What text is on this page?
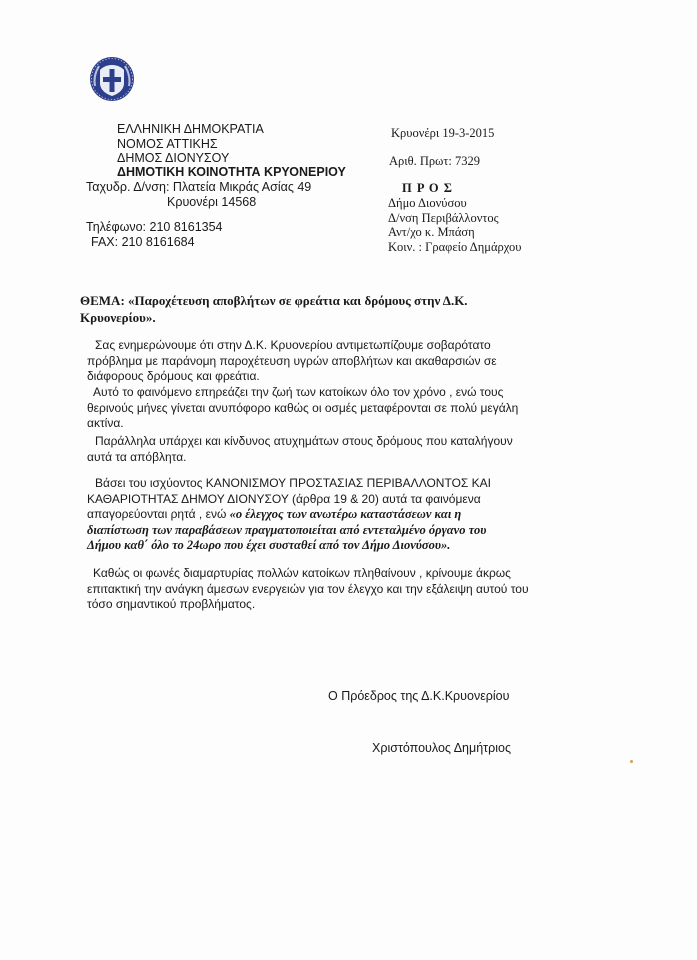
ΕΛΛΗΝΙΚΗ ΔΗΜΟΚΡΑΤΙΑ
ΝΟΜΟΣ ΑΤΤΙΚΗΣ
ΔΗΜΟΣ ΔΙΟΝΥΣΟΥ
ΔΗΜΟΤΙΚΗ ΚΟΙΝΟΤΗΤΑ ΚΡΥΟΝΕΡΙΟΥ
Ταχυδρ. Δ/νση: Πλατεία Μικράς Ασίας 49
Κρυονέρι 14568
Τηλέφωνο: 210 8161354
FAX: 210 8161684
Κρυονέρι 19-3-2015
Αριθ. Πρωτ: 7329
Π Ρ Ο Σ
Δήμο Διονύσου
Δ/νση Περιβάλλοντος
Αντ/χο κ. Μπάση
Κοιν. : Γραφείο Δημάρχου
ΘΕΜΑ: «Παροχέτευση αποβλήτων σε φρεάτια και δρόμους στην Δ.Κ. Κρυονερίου».

Σας ενημερώνουμε ότι στην Δ.Κ. Κρυονερίου αντιμετωπίζουμε σοβαρότατο

πρόβλημα με παράνομη παροχέτευση υγρών αποβλήτων και ακαθαρσιών σε

διάφορους δρόμους και φρεάτια.

Αυτό το φαινόμενο επηρεάζει την ζωή των κατοίκων όλο τον χρόνο , ενώ τους

θερινούς μήνες γίνεται ανυπόφορο καθώς οι οσμές μεταφέρονται σε πολύ μεγάλη

ακτίνα.

Παράλληλα υπάρχει και κίνδυνος ατυχημάτων στους δρόμους που καταλήγουν

αυτά τα απόβλητα.

Βάσει του ισχύοντος ΚΑΝΟΝΙΣΜΟΥ ΠΡΟΣΤΑΣΙΑΣ ΠΕΡΙΒΑΛΛΟΝΤΟΣ ΚΑΙ

ΚΑΘΑΡΙΟΤΗΤΑΣ ΔΗΜΟΥ ΔΙΟΝΥΣΟΥ (άρθρα 19 & 20) αυτά τα φαινόμενα

απαγορεύονται ρητά , ενώ «ο έλεγχος των ανωτέρω καταστάσεων και η

διαπίστωση των παραβάσεων πραγματοποιείται από εντεταλμένο όργανο του

Δήμου καθ΄ όλο το 24ωρο που έχει συσταθεί από τον Δήμο Διονύσου».

Καθώς οι φωνές διαμαρτυρίας πολλών κατοίκων πληθαίνουν , κρίνουμε άκρως

επιτακτική την ανάγκη άμεσων ενεργειών για τον έλεγχο και την εξάλειψη αυτού του

τόσο σημαντικού προβλήματος.

Ο Πρόεδρος της Δ.Κ.Κρυονερίου
Χριστόπουλος Δημήτριος
